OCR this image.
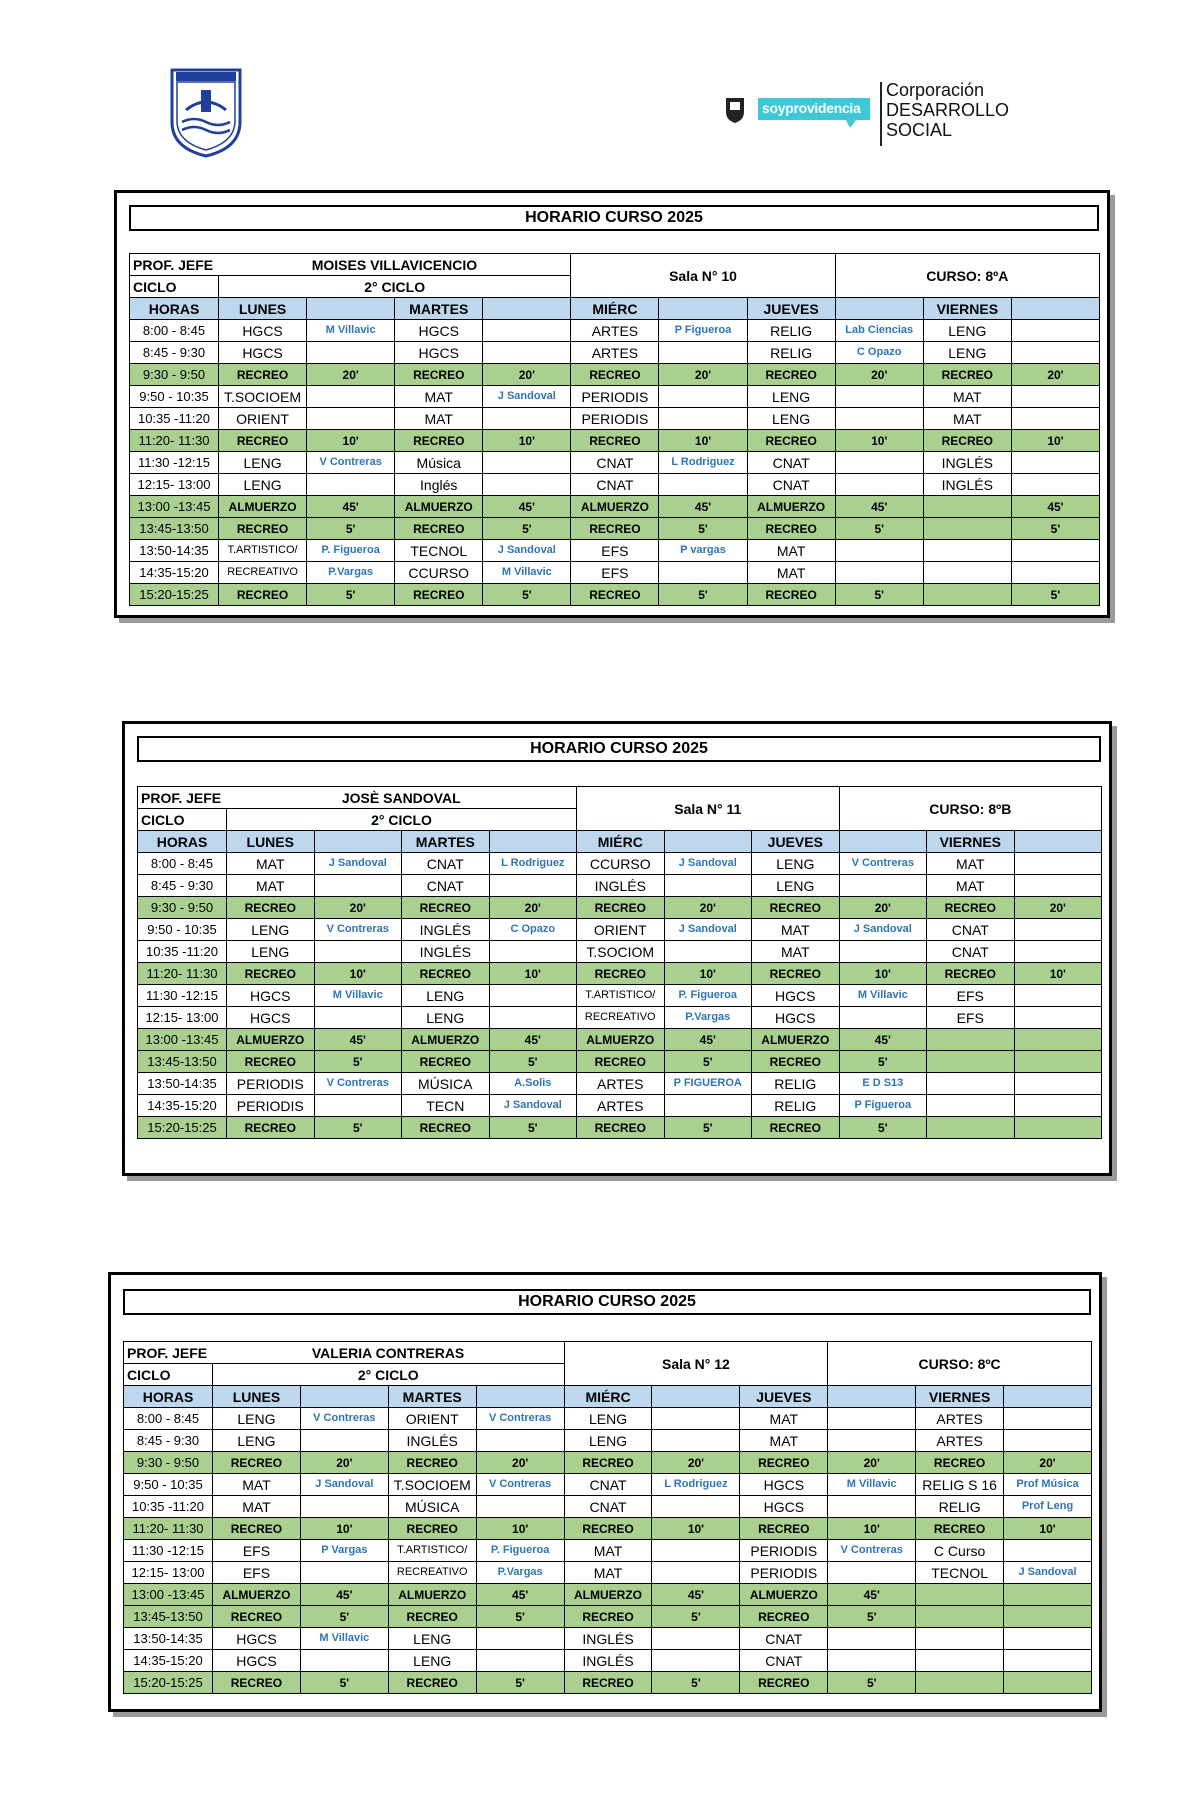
soyprovidencia
Corporación
DESARROLLO
SOCIAL
HORARIO CURSO 2025
PROF. JEFE	MOISES VILLAVICENCIO				Sala N° 10			CURSO: 8ºA		
CICLO	2° CICLO									
HORAS	LUNES		MARTES		MIÉRC		JUEVES		VIERNES	
8:00 - 8:45	HGCS	M Villavic	HGCS		ARTES	P Figueroa	RELIG	Lab Ciencias	LENG	
8:45 - 9:30	HGCS		HGCS		ARTES		RELIG	C Opazo	LENG	
9:30 - 9:50	RECREO	20'	RECREO	20'	RECREO	20'	RECREO	20'	RECREO	20'
9:50 - 10:35	T.SOCIOEM		MAT	J Sandoval	PERIODIS		LENG		MAT	
10:35 -11:20	ORIENT		MAT		PERIODIS		LENG		MAT	
11:20- 11:30	RECREO	10'	RECREO	10'	RECREO	10'	RECREO	10'	RECREO	10'
11:30 -12:15	LENG	V Contreras	Música		CNAT	L Rodriguez	CNAT		INGLÉS	
12:15- 13:00	LENG		Inglés		CNAT		CNAT		INGLÉS	
13:00 -13:45	ALMUERZO	45'	ALMUERZO	45'	ALMUERZO	45'	ALMUERZO	45'		45'
13:45-13:50	RECREO	5'	RECREO	5'	RECREO	5'	RECREO	5'		5'
13:50-14:35	T.ARTISTICO/	P. Figueroa	TECNOL	J Sandoval	EFS	P vargas	MAT			
14:35-15:20	RECREATIVO	P.Vargas	CCURSO	M Villavic	EFS		MAT			
15:20-15:25	RECREO	5'	RECREO	5'	RECREO	5'	RECREO	5'		5'
HORARIO CURSO 2025
PROF. JEFE	JOSÈ SANDOVAL				Sala N° 11			CURSO: 8ºB		
CICLO	2° CICLO									
HORAS	LUNES		MARTES		MIÉRC		JUEVES		VIERNES	
8:00 - 8:45	MAT	J Sandoval	CNAT	L Rodriguez	CCURSO	J Sandoval	LENG	V Contreras	MAT	
8:45 - 9:30	MAT		CNAT		INGLÉS		LENG		MAT	
9:30 - 9:50	RECREO	20'	RECREO	20'	RECREO	20'	RECREO	20'	RECREO	20'
9:50 - 10:35	LENG	V Contreras	INGLÉS	C Opazo	ORIENT	J Sandoval	MAT	J Sandoval	CNAT	
10:35 -11:20	LENG		INGLÉS		T.SOCIOM		MAT		CNAT	
11:20- 11:30	RECREO	10'	RECREO	10'	RECREO	10'	RECREO	10'	RECREO	10'
11:30 -12:15	HGCS	M Villavic	LENG		T.ARTISTICO/	P. Figueroa	HGCS	M Villavic	EFS	
12:15- 13:00	HGCS		LENG		RECREATIVO	P.Vargas	HGCS		EFS	
13:00 -13:45	ALMUERZO	45'	ALMUERZO	45'	ALMUERZO	45'	ALMUERZO	45'		
13:45-13:50	RECREO	5'	RECREO	5'	RECREO	5'	RECREO	5'		
13:50-14:35	PERIODIS	V Contreras	MÚSICA	A.Solis	ARTES	P FIGUEROA	RELIG	E D S13		
14:35-15:20	PERIODIS		TECN	J Sandoval	ARTES		RELIG	P Figueroa		
15:20-15:25	RECREO	5'	RECREO	5'	RECREO	5'	RECREO	5'		
HORARIO CURSO 2025
PROF. JEFE	VALERIA CONTRERAS				Sala N° 12			CURSO: 8ºC		
CICLO	2° CICLO									
HORAS	LUNES		MARTES		MIÉRC		JUEVES		VIERNES	
8:00 - 8:45	LENG	V Contreras	ORIENT	V Contreras	LENG		MAT		ARTES	
8:45 - 9:30	LENG		INGLÉS		LENG		MAT		ARTES	
9:30 - 9:50	RECREO	20'	RECREO	20'	RECREO	20'	RECREO	20'	RECREO	20'
9:50 - 10:35	MAT	J Sandoval	T.SOCIOEM	V Contreras	CNAT	L Rodriguez	HGCS	M Villavic	RELIG S 16	Prof Música
10:35 -11:20	MAT		MÚSICA		CNAT		HGCS		RELIG	Prof Leng
11:20- 11:30	RECREO	10'	RECREO	10'	RECREO	10'	RECREO	10'	RECREO	10'
11:30 -12:15	EFS	P Vargas	T.ARTISTICO/	P. Figueroa	MAT		PERIODIS	V Contreras	C Curso	
12:15- 13:00	EFS		RECREATIVO	P.Vargas	MAT		PERIODIS		TECNOL	J Sandoval
13:00 -13:45	ALMUERZO	45'	ALMUERZO	45'	ALMUERZO	45'	ALMUERZO	45'		
13:45-13:50	RECREO	5'	RECREO	5'	RECREO	5'	RECREO	5'		
13:50-14:35	HGCS	M Villavic	LENG		INGLÉS		CNAT			
14:35-15:20	HGCS		LENG		INGLÉS		CNAT			
15:20-15:25	RECREO	5'	RECREO	5'	RECREO	5'	RECREO	5'		
